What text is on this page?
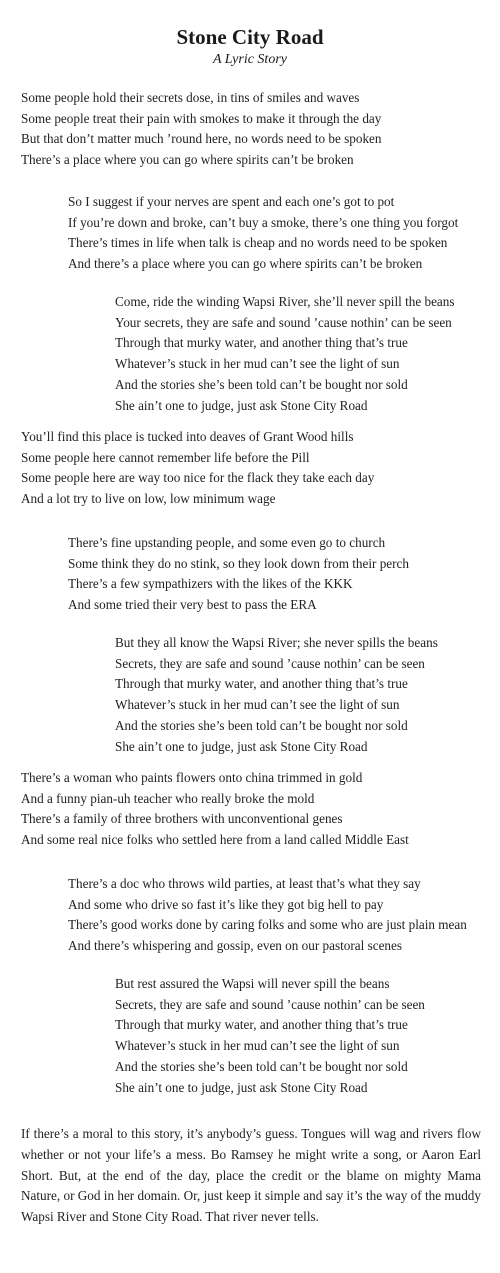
Stone City Road
A Lyric Story
Some people hold their secrets dose, in tins of smiles and waves
Some people treat their pain with smokes to make it through the day
But that don’t matter much ’round here, no words need to be spoken
There’s a place where you can go where spirits can’t be broken
So I suggest if your nerves are spent and each one’s got to pot
If you’re down and broke, can’t buy a smoke, there’s one thing you forgot
There’s times in life when talk is cheap and no words need to be spoken
And there’s a place where you can go where spirits can’t be broken
Come, ride the winding Wapsi River, she’ll never spill the beans
Your secrets, they are safe and sound ’cause nothin’ can be seen
Through that murky water, and another thing that’s true
Whatever’s stuck in her mud can’t see the light of sun
And the stories she’s been told can’t be bought nor sold
She ain’t one to judge, just ask Stone City Road
You’ll find this place is tucked into deaves of Grant Wood hills
Some people here cannot remember life before the Pill
Some people here are way too nice for the flack they take each day
And a lot try to live on low, low minimum wage
There’s fine upstanding people, and some even go to church
Some think they do no stink, so they look down from their perch
There’s a few sympathizers with the likes of the KKK
And some tried their very best to pass the ERA
But they all know the Wapsi River; she never spills the beans
Secrets, they are safe and sound ’cause nothin’ can be seen
Through that murky water, and another thing that’s true
Whatever’s stuck in her mud can’t see the light of sun
And the stories she’s been told can’t be bought nor sold
She ain’t one to judge, just ask Stone City Road
There’s a woman who paints flowers onto china trimmed in gold
And a funny pian-uh teacher who really broke the mold
There’s a family of three brothers with unconventional genes
And some real nice folks who settled here from a land called Middle East
There’s a doc who throws wild parties, at least that’s what they say
And some who drive so fast it’s like they got big hell to pay
There’s good works done by caring folks and some who are just plain mean
And there’s whispering and gossip, even on our pastoral scenes
But rest assured the Wapsi will never spill the beans
Secrets, they are safe and sound ’cause nothin’ can be seen
Through that murky water, and another thing that’s true
Whatever’s stuck in her mud can’t see the light of sun
And the stories she’s been told can’t be bought nor sold
She ain’t one to judge, just ask Stone City Road

If there’s a moral to this story, it’s anybody’s guess. Tongues will wag and rivers flow whether or not your life’s a mess. Bo Ramsey he might write a song, or Aaron Earl Short. But, at the end of the day, place the credit or the blame on mighty Mama Nature, or God in her domain. Or, just keep it simple and say it’s the way of the muddy Wapsi River and Stone City Road. That river never tells.
